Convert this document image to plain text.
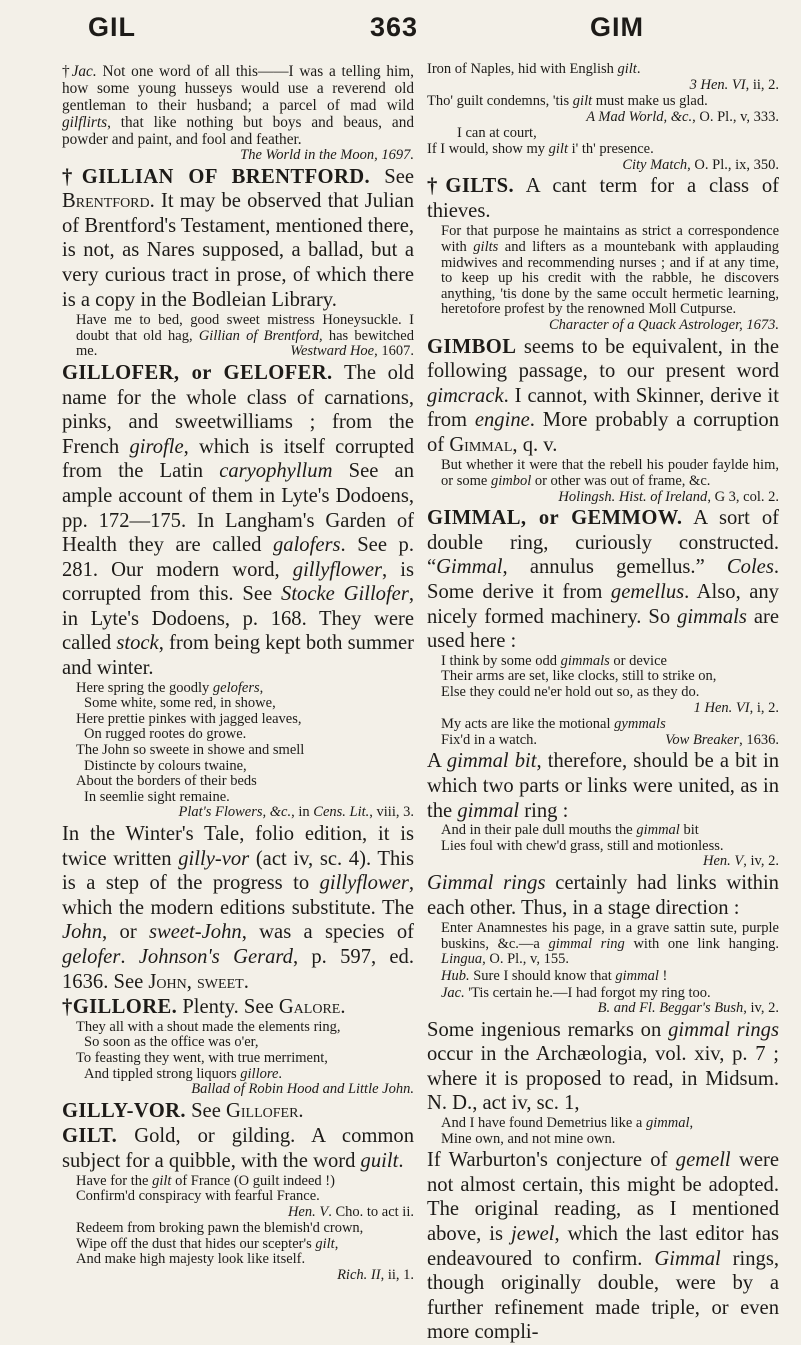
GIL	363	GIM

†Jac. Not one word of all this——I was a telling him, how some young husseys would use a reverend old gentleman to their husband; a parcel of mad wild gilflirts, that like nothing but boys and beaus, and powder and paint, and fool and feather.

The World in the Moon, 1697.

†GILLIAN OF BRENTFORD. See Brentford. It may be observed that Julian of Brentford's Testament, mentioned there, is not, as Nares supposed, a ballad, but a very curious tract in prose, of which there is a copy in the Bodleian Library.

Have me to bed, good sweet mistress Honeysuckle. I doubt that old hag, Gillian of Brentford, has bewitched me.	Westward Hoe, 1607.

GILLOFER, or GELOFER. The old name for the whole class of carnations, pinks, and sweetwilliams ; from the French girofle, which is itself corrupted from the Latin caryophyllum See an ample account of them in Lyte's Dodoens, pp. 172—175. In Langham's Garden of Health they are called galofers. See p. 281. Our modern word, gillyflower, is corrupted from this. See Stocke Gillofer, in Lyte's Dodoens, p. 168. They were called stock, from being kept both summer and winter.

Here spring the goodly gelofers,
Some white, some red, in showe,
Here prettie pinkes with jagged leaves,
On rugged rootes do growe.
The John so sweete in showe and smell
Distincte by colours twaine,
About the borders of their beds
In seemlie sight remaine.

Plat's Flowers, &c., in Cens. Lit., viii, 3.

In the Winter's Tale, folio edition, it is twice written gilly-vor (act iv, sc. 4). This is a step of the progress to gillyflower, which the modern editions substitute. The John, or sweet-John, was a species of gelofer. Johnson's Gerard, p. 597, ed. 1636. See John, sweet.

†GILLORE. Plenty. See Galore.

They all with a shout made the elements ring,
So soon as the office was o'er,
To feasting they went, with true merriment,
And tippled strong liquors gillore.

Ballad of Robin Hood and Little John.

GILLY-VOR. See Gillofer.

GILT. Gold, or gilding. A common subject for a quibble, with the word guilt.

Have for the gilt of France (O guilt indeed !)
Confirm'd conspiracy with fearful France.

Hen. V. Cho. to act ii.

Redeem from broking pawn the blemish'd crown,
Wipe off the dust that hides our scepter's gilt,
And make high majesty look like itself.

Rich. II, ii, 1.

Iron of Naples, hid with English gilt.

3 Hen. VI, ii, 2.

Tho' guilt condemns, 'tis gilt must make us glad.

A Mad World, &c., O. Pl., v, 333.

I can at court,
If I would, show my gilt i' th' presence.

City Match, O. Pl., ix, 350.

†GILTS. A cant term for a class of thieves.

For that purpose he maintains as strict a correspondence with gilts and lifters as a mountebank with applauding midwives and recommending nurses ; and if at any time, to keep up his credit with the rabble, he discovers anything, 'tis done by the same occult hermetic learning, heretofore profest by the renowned Moll Cutpurse.

Character of a Quack Astrologer, 1673.

GIMBOL seems to be equivalent, in the following passage, to our present word gimcrack. I cannot, with Skinner, derive it from engine. More probably a corruption of Gimmal, q. v.

But whether it were that the rebell his pouder faylde him, or some gimbol or other was out of frame, &c.

Holingsh. Hist. of Ireland, G 3, col. 2.

GIMMAL, or GEMMOW. A sort of double ring, curiously constructed. “Gimmal, annulus gemellus.” Coles. Some derive it from gemellus. Also, any nicely formed machinery. So gimmals are used here :

I think by some odd gimmals or device
Their arms are set, like clocks, still to strike on,
Else they could ne'er hold out so, as they do.

1 Hen. VI, i, 2.

My acts are like the motional gymmals
Fix'd in a watch.	Vow Breaker, 1636.

A gimmal bit, therefore, should be a bit in which two parts or links were united, as in the gimmal ring :

And in their pale dull mouths the gimmal bit
Lies foul with chew'd grass, still and motionless.

Hen. V, iv, 2.

Gimmal rings certainly had links within each other. Thus, in a stage direction :

Enter Anamnestes his page, in a grave sattin sute, purple buskins, &c.—a gimmal ring with one link hanging. Lingua, O. Pl., v, 155.

Hub. Sure I should know that gimmal !

Jac. 'Tis certain he.—I had forgot my ring too.

B. and Fl. Beggar's Bush, iv, 2.

Some ingenious remarks on gimmal rings occur in the Archæologia, vol. xiv, p. 7 ; where it is proposed to read, in Midsum. N. D., act iv, sc. 1,

And I have found Demetrius like a gimmal,
Mine own, and not mine own.

If Warburton's conjecture of gemell were not almost certain, this might be adopted. The original reading, as I mentioned above, is jewel, which the last editor has endeavoured to confirm. Gimmal rings, though originally double, were by a further refinement made triple, or even more compli-
